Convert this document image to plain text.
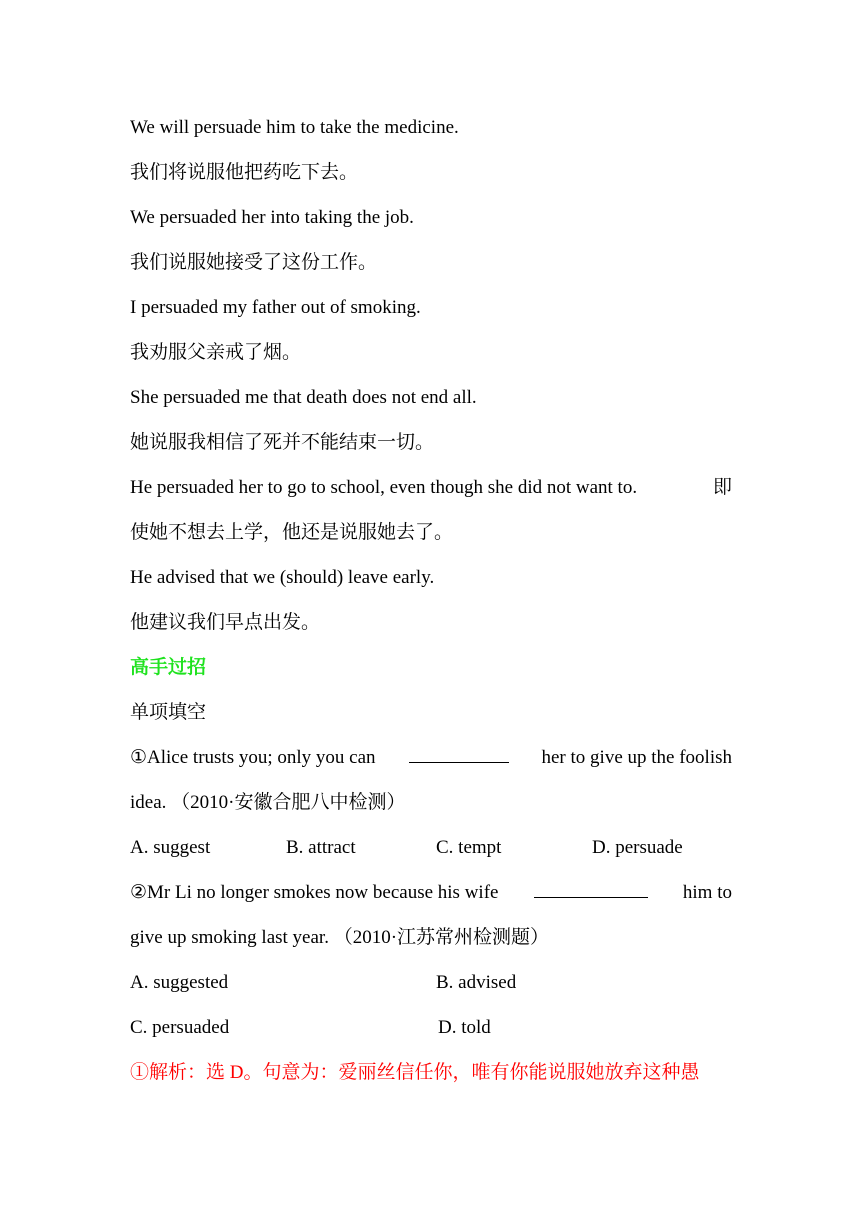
We will persuade him to take the medicine.
我们将说服他把药吃下去。
We persuaded her into taking the job.
我们说服她接受了这份工作。
I persuaded my father out of smoking.
我劝服父亲戒了烟。
She persuaded me that death does not end all.
她说服我相信了死并不能结束一切。
He persuaded her to go to school, even though she did not want to.	即
使她不想去上学，他还是说服她去了。
He advised that we (should) leave early.
他建议我们早点出发。
高手过招
单项填空
①Alice trusts you; only you can	her to give up the foolish
idea. （2010·安徽合肥八中检测）
A. suggest	B. attract	C. tempt	D. persuade
②Mr Li no longer smokes now because his wife	him to
give up smoking last year. （2010·江苏常州检测题）
A. suggested	B. advised
C. persuaded	D. told
①解析：选 D。句意为：爱丽丝信任你，唯有你能说服她放弃这种愚
